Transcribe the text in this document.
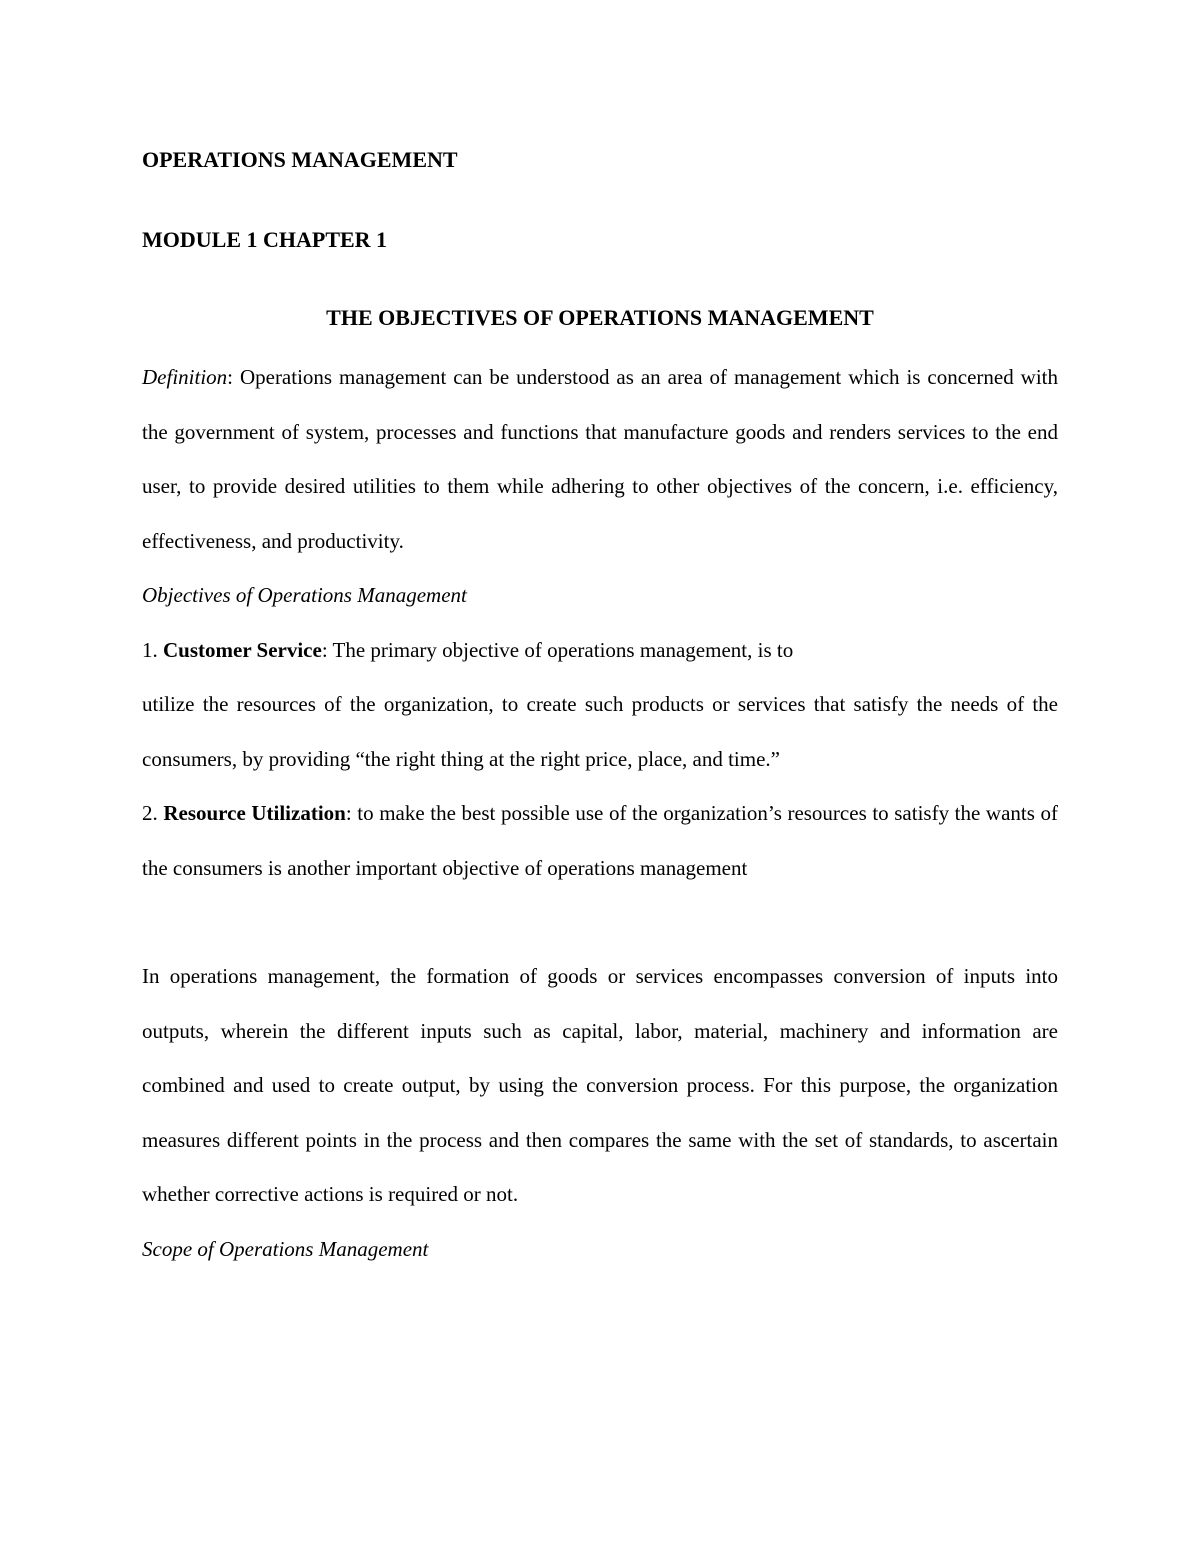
OPERATIONS MANAGEMENT
MODULE 1 CHAPTER 1
THE OBJECTIVES OF OPERATIONS MANAGEMENT

Definition: Operations management can be understood as an area of management which is concerned with the government of system, processes and functions that manufacture goods and renders services to the end user, to provide desired utilities to them while adhering to other objectives of the concern, i.e. efficiency, effectiveness, and productivity.

Objectives of Operations Management

1. Customer Service: The primary objective of operations management, is to

utilize the resources of the organization, to create such products or services that satisfy the needs of the consumers, by providing “the right thing at the right price, place, and time.”

2. Resource Utilization: to make the best possible use of the organization’s resources to satisfy the wants of the consumers is another important objective of operations management

In operations management, the formation of goods or services encompasses conversion of inputs into outputs, wherein the different inputs such as capital, labor, material, machinery and information are combined and used to create output, by using the conversion process. For this purpose, the organization measures different points in the process and then compares the same with the set of standards, to ascertain whether corrective actions is required or not.

Scope of Operations Management
